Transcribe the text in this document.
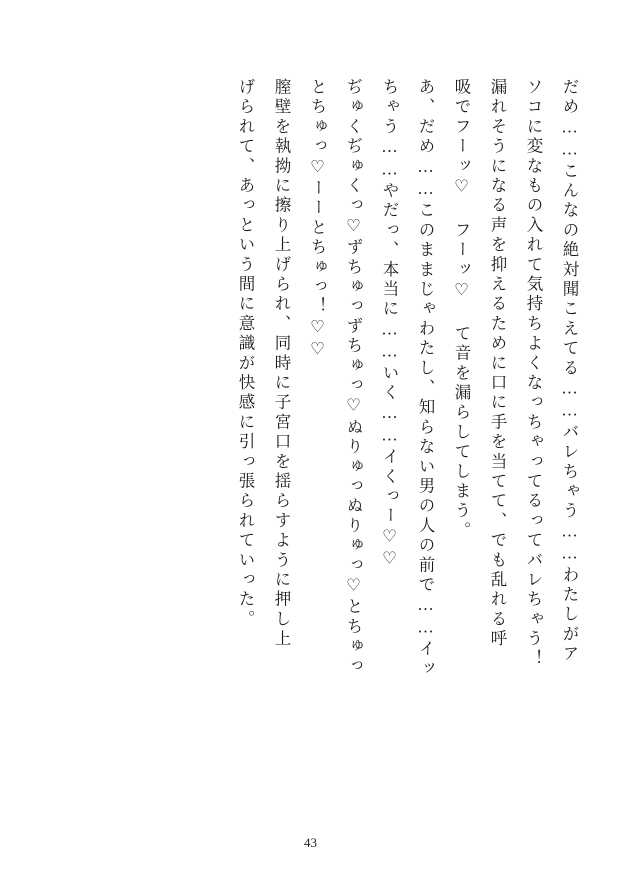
だめ……こんなの絶対聞こえてる……バレちゃう……わたしがア
ソコに変なもの入れて気持ちよくなっちゃってるってバレちゃう！
漏れそうになる声を抑えるために口に手を当てて、でも乱れる呼
吸でフーッ♡ フーッ♡ て音を漏らしてしまう。
あ、だめ……このままじゃわたし、知らない男の人の前で……イッ
ちゃう……やだっ、本当に……いく……イくっー♡♡
ぢゅくぢゅくっ♡ずちゅっずちゅっ♡ぬりゅっぬりゅっ♡とちゅっ
とちゅっ♡ーーとちゅっ！♡♡
膣壁を執拗に擦り上げられ、同時に子宮口を揺らすように押し上
げられて、あっという間に意識が快感に引っ張られていった。
43
